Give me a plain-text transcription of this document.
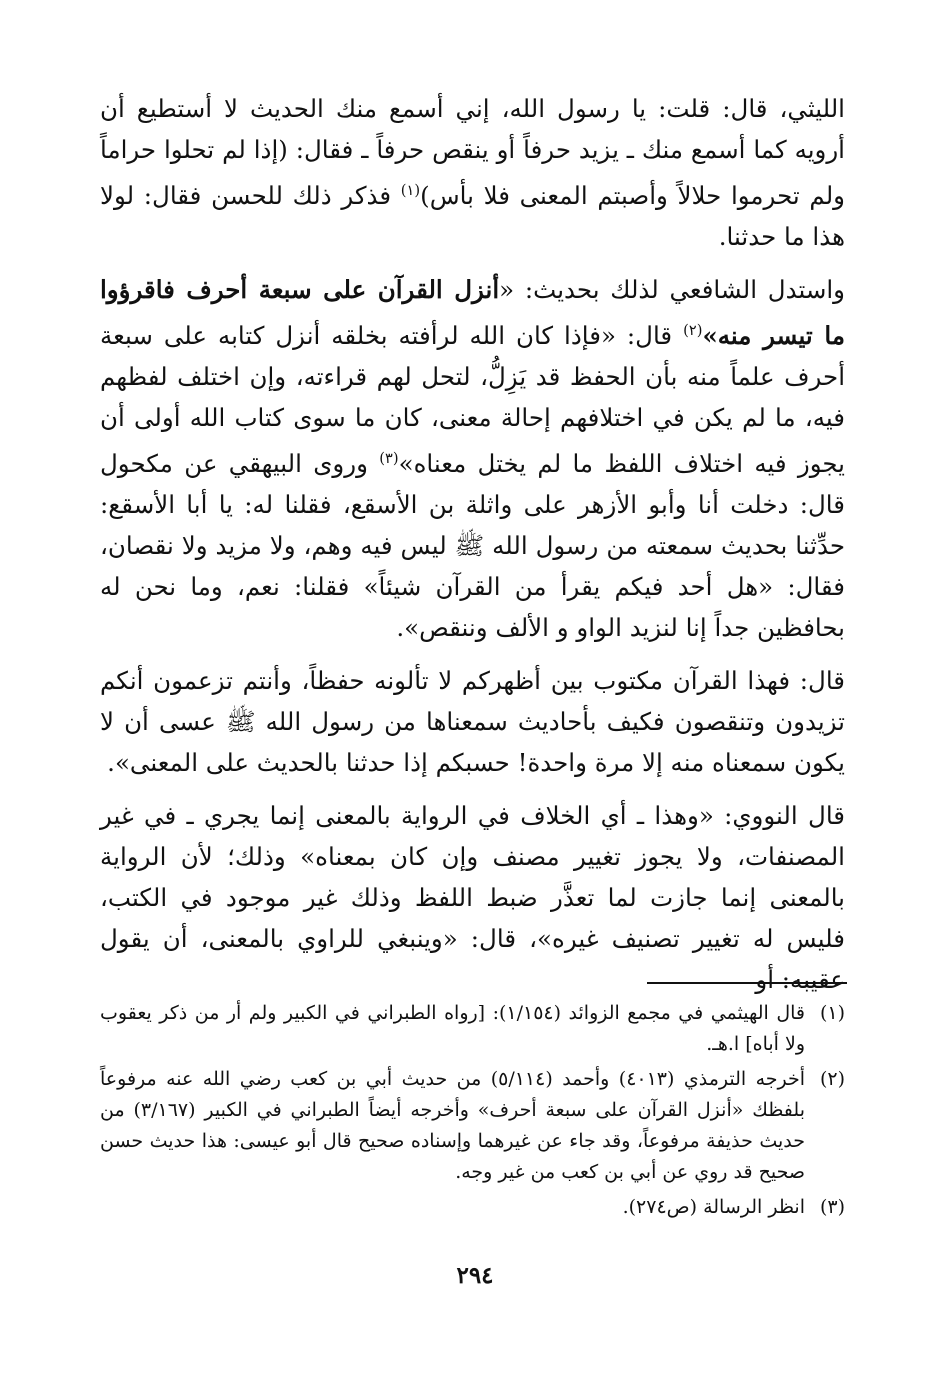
الليثي، قال: قلت: يا رسول الله، إني أسمع منك الحديث لا أستطيع أن أرويه كما أسمع منك ـ يزيد حرفاً أو ينقص حرفاً ـ فقال: (إذا لم تحلوا حراماً ولم تحرموا حلالاً وأصبتم المعنى فلا بأس)$^{(١)}$ فذكر ذلك للحسن فقال: لولا هذا ما حدثنا.

واستدل الشافعي لذلك بحديث: «أنزل القرآن على سبعة أحرف فاقرؤوا ما تيسر منه»$^{(٢)}$ قال: «فإذا كان الله لرأفته بخلقه أنزل كتابه على سبعة أحرف علماً منه بأن الحفظ قد يَزِلُّ، لتحل لهم قراءته، وإن اختلف لفظهم فيه، ما لم يكن في اختلافهم إحالة معنى، كان ما سوى كتاب الله أولى أن يجوز فيه اختلاف اللفظ ما لم يختل معناه»$^{(٣)}$ وروى البيهقي عن مكحول قال: دخلت أنا وأبو الأزهر على واثلة بن الأسقع، فقلنا له: يا أبا الأسقع: حدِّثنا بحديث سمعته من رسول الله ﷺ ليس فيه وهم، ولا مزيد ولا نقصان، فقال: «هل أحد فيكم يقرأ من القرآن شيئاً» فقلنا: نعم، وما نحن له بحافظين جداً إنا لنزيد الواو و الألف وننقص».

قال: فهذا القرآن مكتوب بين أظهركم لا تألونه حفظاً، وأنتم تزعمون أنكم تزيدون وتنقصون فكيف بأحاديث سمعناها من رسول الله ﷺ عسى أن لا يكون سمعناه منه إلا مرة واحدة! حسبكم إذا حدثنا بالحديث على المعنى».

قال النووي: «وهذا ـ أي الخلاف في الرواية بالمعنى إنما يجري ـ في غير المصنفات، ولا يجوز تغيير مصنف وإن كان بمعناه» وذلك؛ لأن الرواية بالمعنى إنما جازت لما تعذَّر ضبط اللفظ وذلك غير موجود في الكتب، فليس له تغيير تصنيف غيره»، قال: «وينبغي للراوي بالمعنى، أن يقول عقيبه: أو

(١)
قال الهيثمي في مجمع الزوائد (١/١٥٤): [رواه الطبراني في الكبير ولم أر من ذكر يعقوب ولا أباه] ا.هـ.
(٢)
أخرجه الترمذي (٤٠١٣) وأحمد (٥/١١٤) من حديث أبي بن كعب رضي الله عنه مرفوعاً بلفظك «أنزل القرآن على سبعة أحرف» وأخرجه أيضاً الطبراني في الكبير (٣/١٦٧) من حديث حذيفة مرفوعاً، وقد جاء عن غيرهما وإسناده صحيح قال أبو عيسى: هذا حديث حسن صحيح قد روي عن أبي بن كعب من غير وجه.
(٣)
انظر الرسالة (ص٢٧٤).
٢٩٤
